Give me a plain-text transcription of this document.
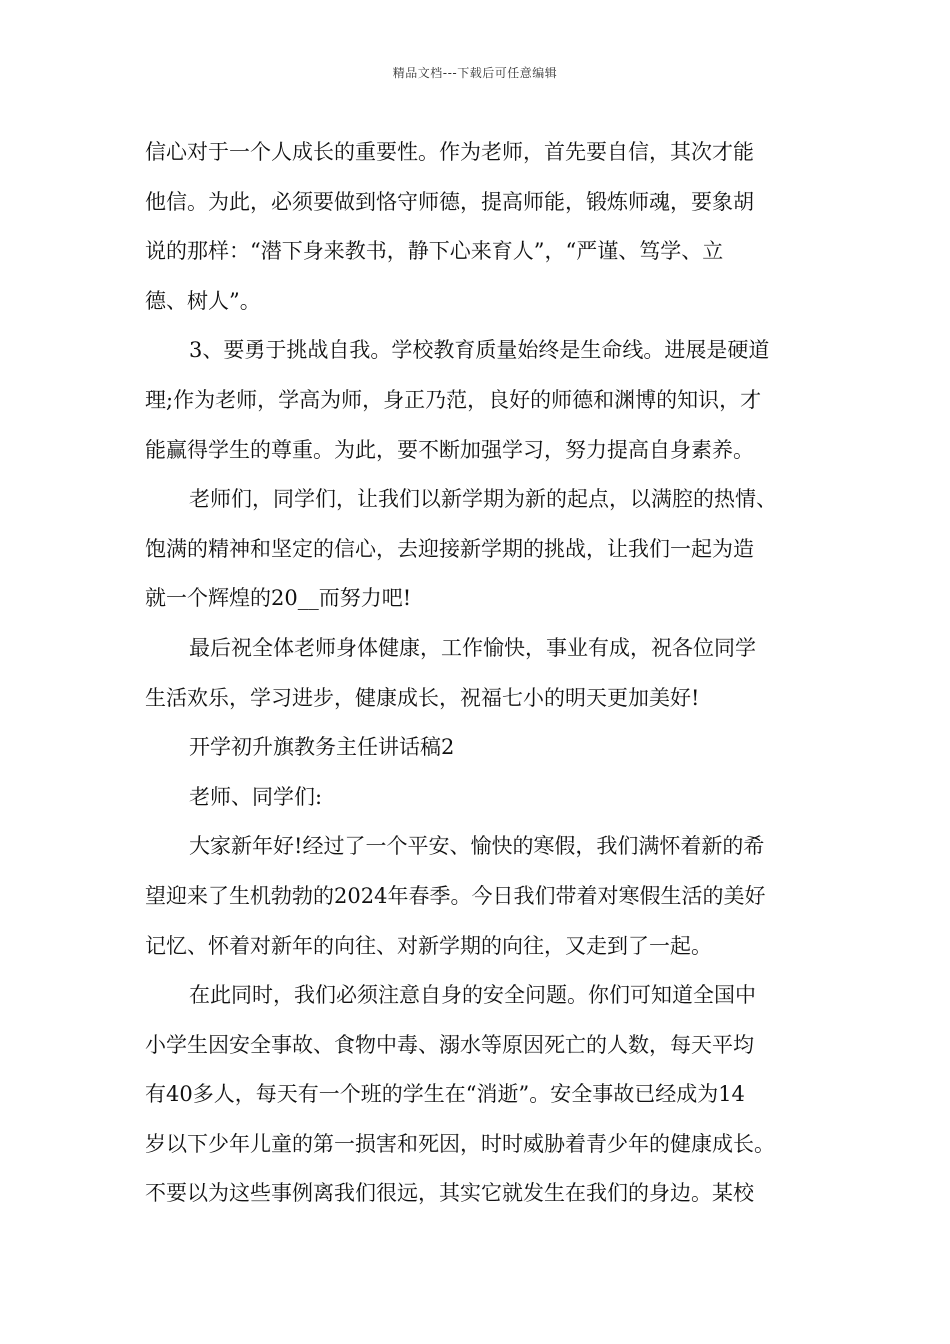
精品文档---下载后可任意编辑
信心对于一个人成长的重要性。作为老师，首先要自信，其次才能
他信。为此，必须要做到恪守师德，提高师能，锻炼师魂，要象胡
说的那样：“潜下身来教书，静下心来育人”，“严谨、笃学、立
德、树人”。
3、要勇于挑战自我。学校教育质量始终是生命线。进展是硬道
理;作为老师，学高为师，身正乃范，良好的师德和渊博的知识，才
能赢得学生的尊重。为此，要不断加强学习，努力提高自身素养。
老师们，同学们，让我们以新学期为新的起点，以满腔的热情、
饱满的精神和坚定的信心，去迎接新学期的挑战，让我们一起为造
就一个辉煌的20__而努力吧!
最后祝全体老师身体健康，工作愉快，事业有成，祝各位同学
生活欢乐，学习进步，健康成长，祝福七小的明天更加美好!
开学初升旗教务主任讲话稿2
老师、同学们:
大家新年好!经过了一个平安、愉快的寒假，我们满怀着新的希
望迎来了生机勃勃的2024年春季。今日我们带着对寒假生活的美好
记忆、怀着对新年的向往、对新学期的向往，又走到了一起。
在此同时，我们必须注意自身的安全问题。你们可知道全国中
小学生因安全事故、食物中毒、溺水等原因死亡的人数，每天平均
有40多人，每天有一个班的学生在“消逝”。安全事故已经成为14
岁以下少年儿童的第一损害和死因，时时威胁着青少年的健康成长。
不要以为这些事例离我们很远，其实它就发生在我们的身边。某校
